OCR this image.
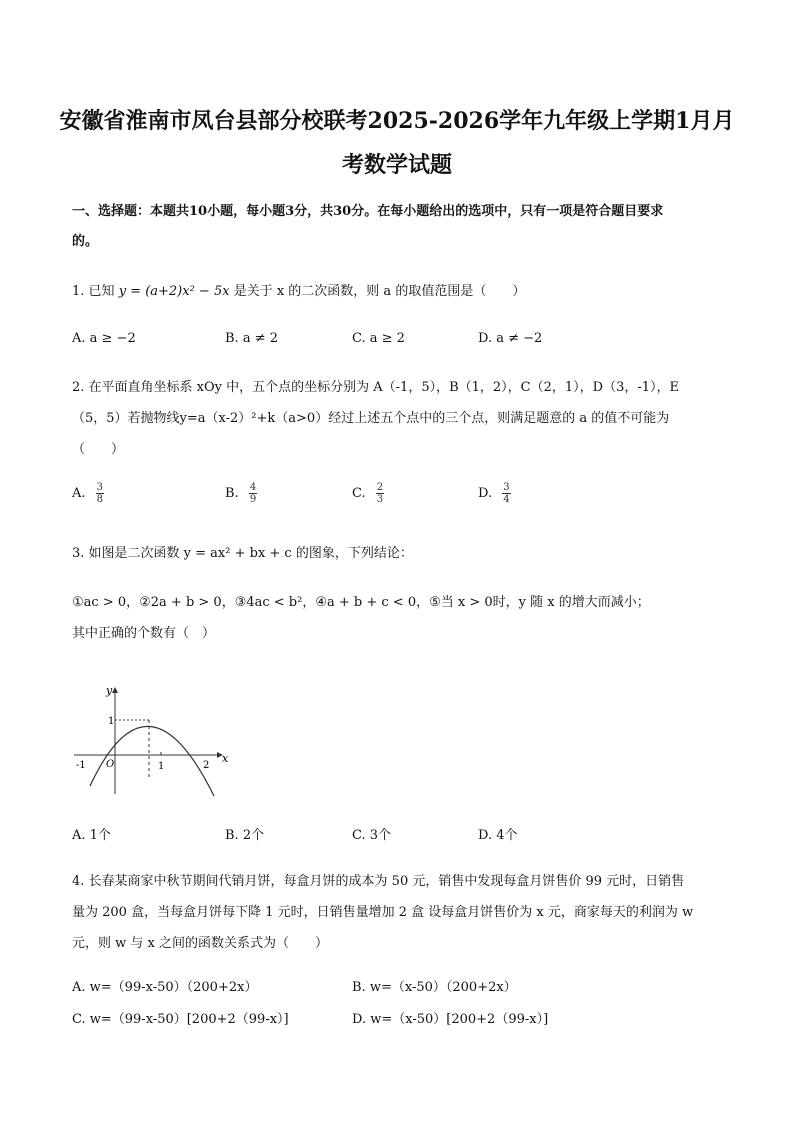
安徽省淮南市凤台县部分校联考2025-2026学年九年级上学期1月月
考数学试题
一、选择题：本题共10小题，每小题3分，共30分。在每小题给出的选项中，只有一项是符合题目要求
的。
1. 已知 y = (a+2)x² − 5x 是关于 x 的二次函数，则 a 的取值范围是（　　）
A. a ≥ −2	B. a ≠ 2	C. a ≥ 2	D. a ≠ −2
2. 在平面直角坐标系 xOy 中，五个点的坐标分别为 A（-1，5），B（1，2），C（2，1），D（3，-1），E
（5，5）若抛物线y=a（x-2）²+k（a>0）经过上述五个点中的三个点，则满足题意的 a 的值不可能为
（　　）
A. $\frac{3}{8}$	B. $\frac{4}{9}$	C. $\frac{2}{3}$	D. $\frac{3}{4}$
3. 如图是二次函数 y = ax² + bx + c 的图象，下列结论：
①ac > 0，②2a + b > 0，③4ac < b²，④a + b + c < 0，⑤当 x > 0时，y 随 x 的增大而减小；
其中正确的个数有（　）
y
x
O
-1	1	2
1
A. 1个	B. 2个	C. 3个	D. 4个
4. 长春某商家中秋节期间代销月饼，每盒月饼的成本为 50 元，销售中发现每盒月饼售价 99 元时，日销售
量为 200 盒，当每盒月饼每下降 1 元时，日销售量增加 2 盒 设每盒月饼售价为 x 元，商家每天的利润为 w
元，则 w 与 x 之间的函数关系式为（　　）
A. w=（99-x-50）（200+2x）	B. w=（x-50）（200+2x）
C. w=（99-x-50）[200+2（99-x）]	D. w=（x-50）[200+2（99-x）]
